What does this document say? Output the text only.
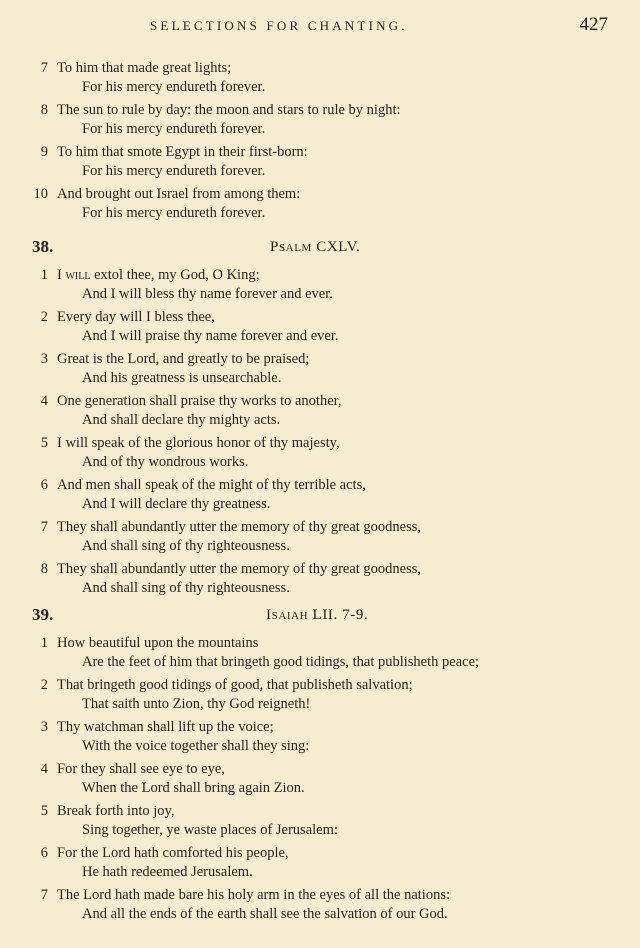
SELECTIONS FOR CHANTING.	427
7 To him that made great lights;
For his mercy endureth forever.
8 The sun to rule by day: the moon and stars to rule by night:
For his mercy endureth forever.
9 To him that smote Egypt in their first-born:
For his mercy endureth forever.
10 And brought out Israel from among them:
For his mercy endureth forever.
38.	Psalm CXLV.
1 I will extol thee, my God, O King;
And I will bless thy name forever and ever.
2 Every day will I bless thee,
And I will praise thy name forever and ever.
3 Great is the Lord, and greatly to be praised;
And his greatness is unsearchable.
4 One generation shall praise thy works to another,
And shall declare thy mighty acts.
5 I will speak of the glorious honor of thy majesty,
And of thy wondrous works.
6 And men shall speak of the might of thy terrible acts,
And I will declare thy greatness.
7 They shall abundantly utter the memory of thy great goodness,
And shall sing of thy righteousness.
8 They shall abundantly utter the memory of thy great goodness,
And shall sing of thy righteousness.
39.	Isaiah LII. 7-9.
1 How beautiful upon the mountains
Are the feet of him that bringeth good tidings, that publisheth peace;
2 That bringeth good tidings of good, that publisheth salvation;
That saith unto Zion, thy God reigneth!
3 Thy watchman shall lift up the voice;
With the voice together shall they sing:
4 For they shall see eye to eye,
When the Lord shall bring again Zion.
5 Break forth into joy,
Sing together, ye waste places of Jerusalem:
6 For the Lord hath comforted his people,
He hath redeemed Jerusalem.
7 The Lord hath made bare his holy arm in the eyes of all the nations:
And all the ends of the earth shall see the salvation of our God.
